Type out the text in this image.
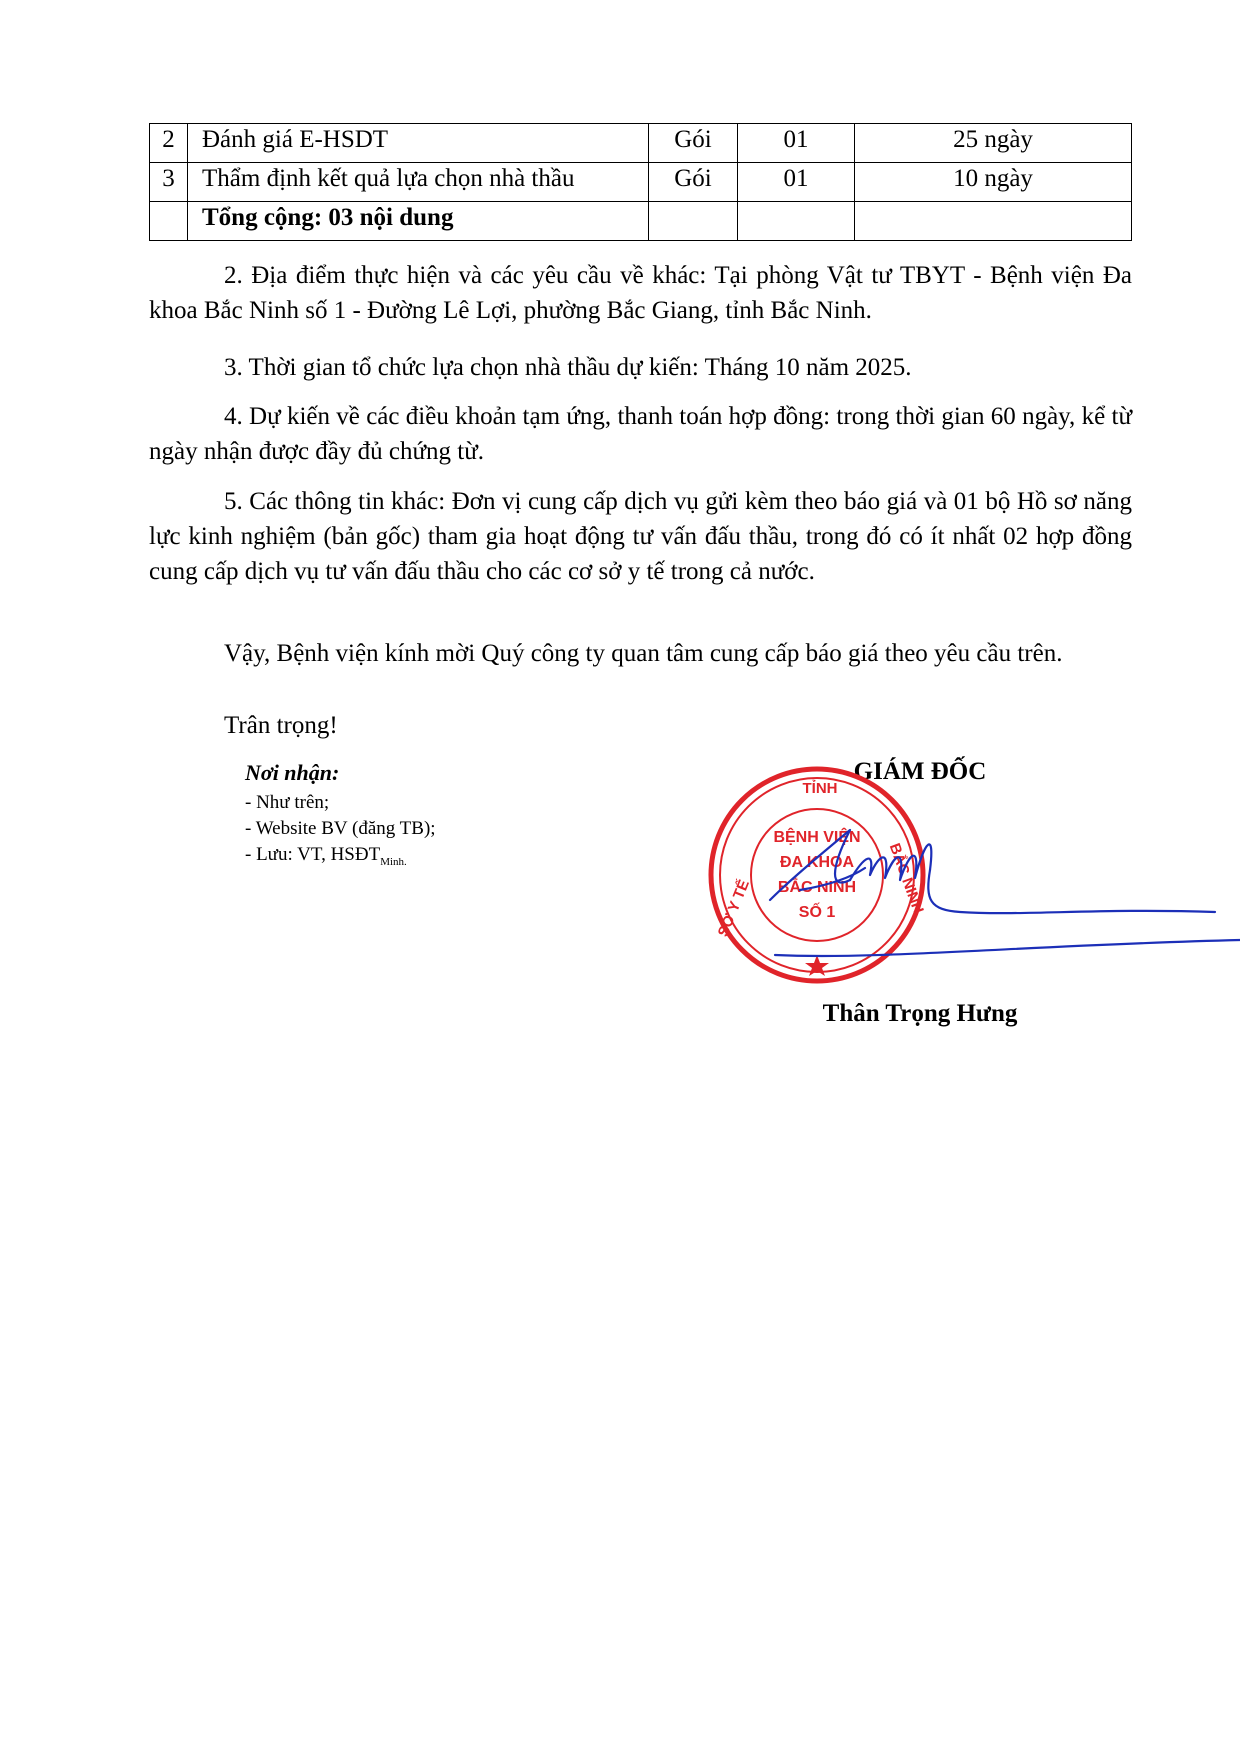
2	Đánh giá E-HSDT	Gói	01	25 ngày
3	Thẩm định kết quả lựa chọn nhà thầu	Gói	01	10 ngày
	Tổng cộng: 03 nội dung			

2. Địa điểm thực hiện và các yêu cầu về khác: Tại phòng Vật tư TBYT - Bệnh viện Đa khoa Bắc Ninh số 1 - Đường Lê Lợi, phường Bắc Giang, tỉnh Bắc Ninh.

3. Thời gian tổ chức lựa chọn nhà thầu dự kiến: Tháng 10 năm 2025.

4. Dự kiến về các điều khoản tạm ứng, thanh toán hợp đồng: trong thời gian 60 ngày, kể từ ngày nhận được đầy đủ chứng từ.

5. Các thông tin khác: Đơn vị cung cấp dịch vụ gửi kèm theo báo giá và 01 bộ Hồ sơ năng lực kinh nghiệm (bản gốc) tham gia hoạt động tư vấn đấu thầu, trong đó có ít nhất 02 hợp đồng cung cấp dịch vụ tư vấn đấu thầu cho các cơ sở y tế trong cả nước.

Vậy, Bệnh viện kính mời Quý công ty quan tâm cung cấp báo giá theo yêu cầu trên.

Trân trọng!

Nơi nhận:
- Như trên;
- Website BV (đăng TB);
- Lưu: VT, $HSĐT_{Minh.}$
GIÁM ĐỐC
TỈNH
SỞ Y TẾ	BẮC NINH
BỆNH VIỆN
ĐA KHOA
BẮC NINH
SỐ 1
Thân Trọng Hưng
